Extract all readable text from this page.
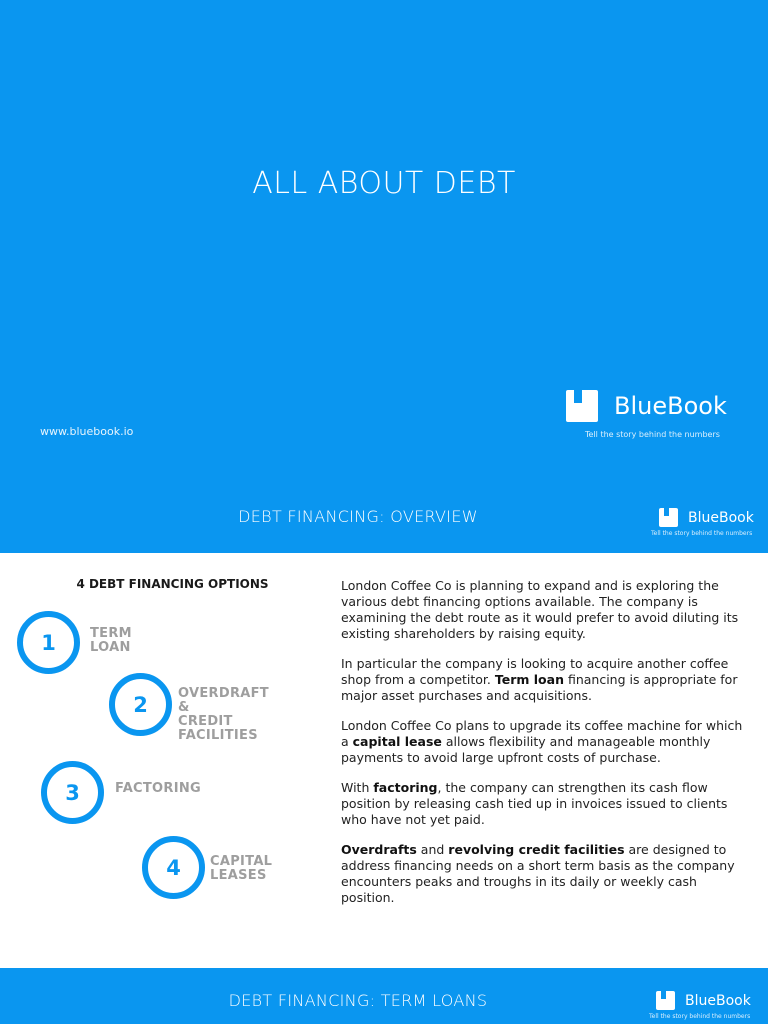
ALL ABOUT DEBT
www.bluebook.io
BlueBook
Tell the story behind the numbers
DEBT FINANCING: OVERVIEW	BlueBook
Tell the story behind the numbers
4 DEBT FINANCING OPTIONS
1	TERM LOAN
2	OVERDRAFT &
CREDIT FACILITIES
3	FACTORING
4	CAPITAL
LEASES

London Coffee Co is planning to expand and is exploring the various debt financing options available. The company is examining the debt route as it would prefer to avoid diluting its existing shareholders by raising equity.

In particular the company is looking to acquire another coffee shop from a competitor. Term loan financing is appropriate for major asset purchases and acquisitions.

London Coffee Co plans to upgrade its coffee machine for which a capital lease allows flexibility and manageable monthly payments to avoid large upfront costs of purchase.

With factoring, the company can strengthen its cash flow position by releasing cash tied up in invoices issued to clients who have not yet paid.

Overdrafts and revolving credit facilities are designed to address financing needs on a short term basis as the company encounters peaks and troughs in its daily or weekly cash position.

DEBT FINANCING: TERM LOANS	BlueBook
Tell the story behind the numbers
